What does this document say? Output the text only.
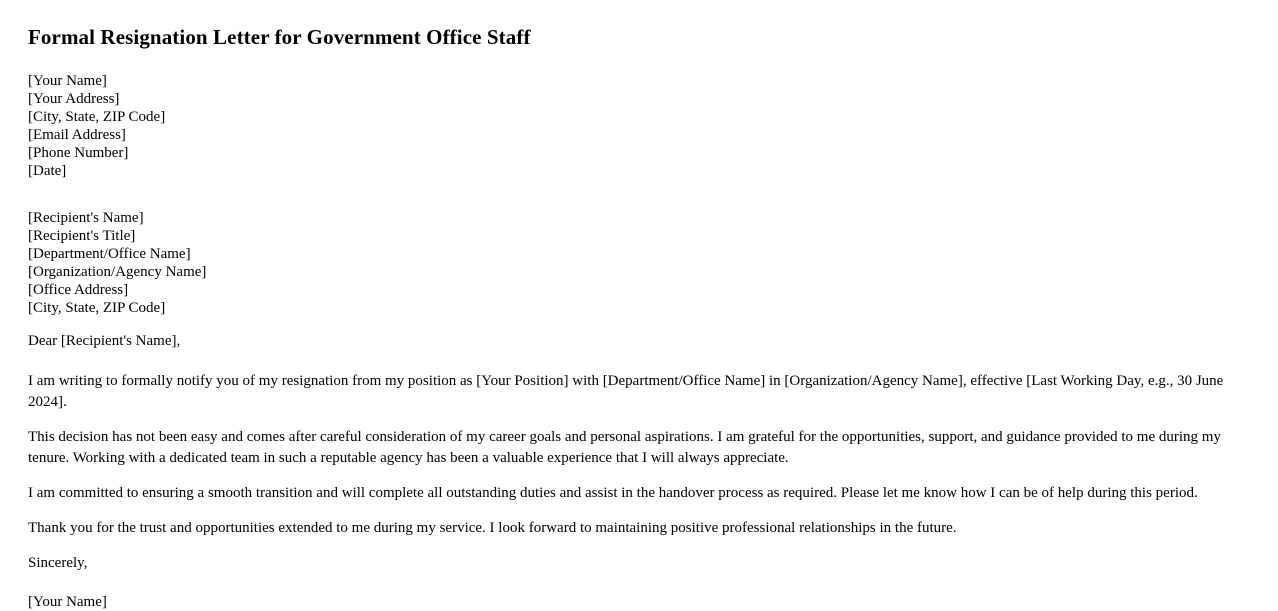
Formal Resignation Letter for Government Office Staff
[Your Name]
[Your Address]
[City, State, ZIP Code]
[Email Address]
[Phone Number]
[Date]
[Recipient's Name]
[Recipient's Title]
[Department/Office Name]
[Organization/Agency Name]
[Office Address]
[City, State, ZIP Code]
Dear [Recipient's Name],

I am writing to formally notify you of my resignation from my position as [Your Position] with [Department/Office Name] in [Organization/Agency Name], effective [Last Working Day, e.g., 30 June 2024].

This decision has not been easy and comes after careful consideration of my career goals and personal aspirations. I am grateful for the opportunities, support, and guidance provided to me during my tenure. Working with a dedicated team in such a reputable agency has been a valuable experience that I will always appreciate.

I am committed to ensuring a smooth transition and will complete all outstanding duties and assist in the handover process as required. Please let me know how I can be of help during this period.

Thank you for the trust and opportunities extended to me during my service. I look forward to maintaining positive professional relationships in the future.

Sincerely,
[Your Name]
